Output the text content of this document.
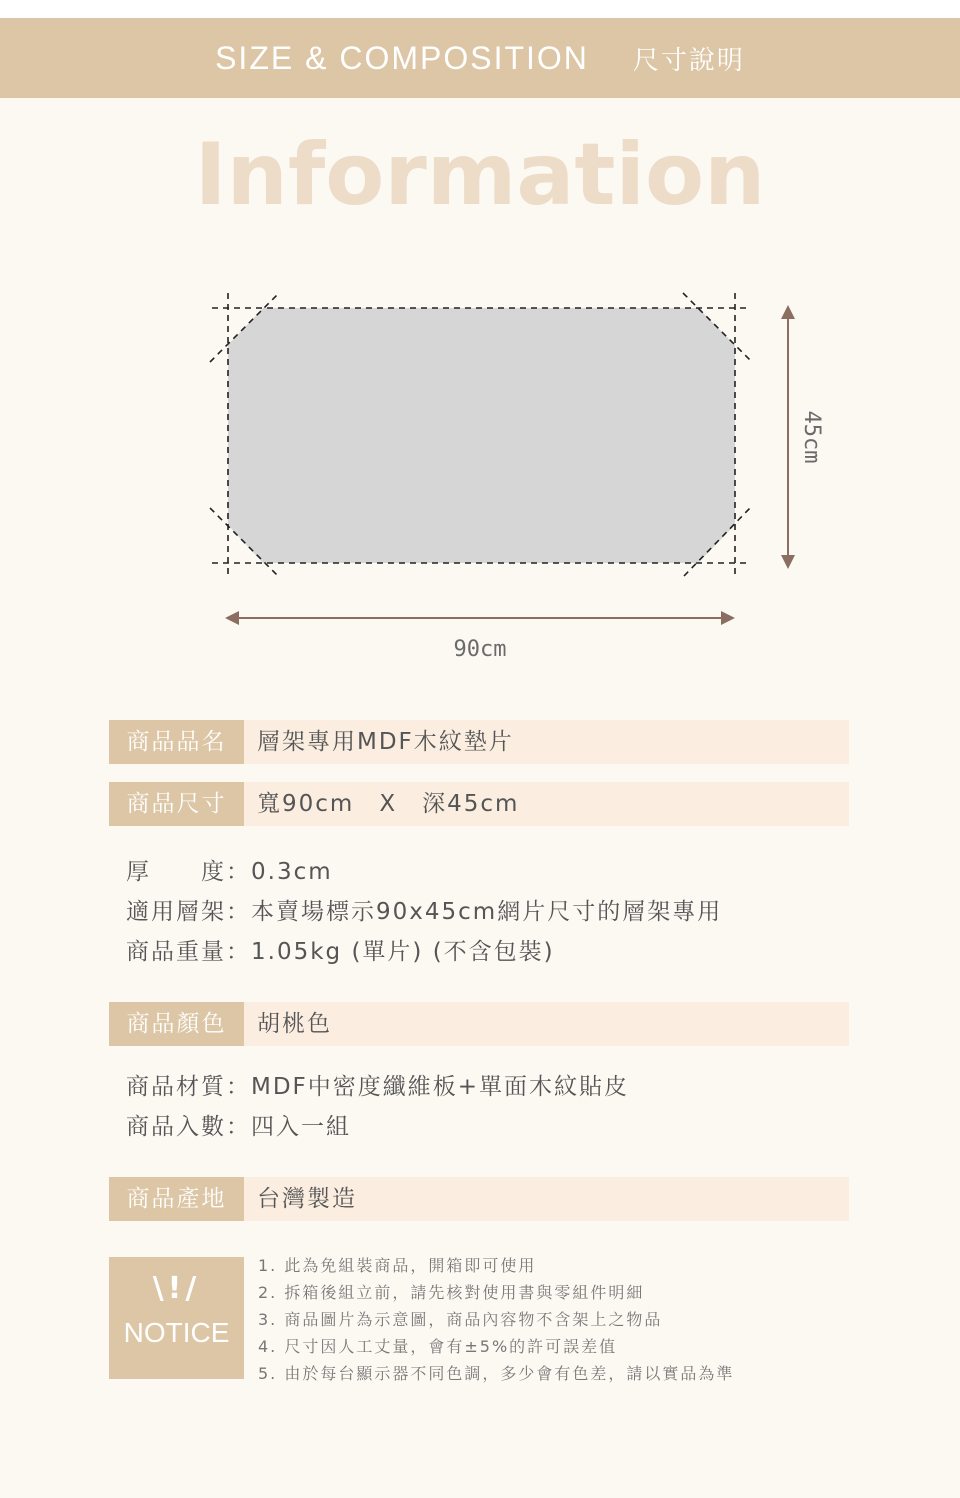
SIZE & COMPOSITION 尺寸說明
Information
90cm
45cm
商品品名	層架專用MDF木紋墊片
商品尺寸	寬90cm　X　深45cm
厚　　度：0.3cm
適用層架：本賣場標示90x45cm網片尺寸的層架專用
商品重量：1.05kg (單片) (不含包裝)
商品顏色	胡桃色
商品材質：MDF中密度纖維板+單面木紋貼皮
商品入數：四入一組
商品產地	台灣製造
\!/
NOTICE
1. 此為免組裝商品，開箱即可使用
2. 拆箱後組立前，請先核對使用書與零組件明細
3. 商品圖片為示意圖，商品內容物不含架上之物品
4. 尺寸因人工丈量，會有±5%的許可誤差值
5. 由於每台顯示器不同色調，多少會有色差，請以實品為準
